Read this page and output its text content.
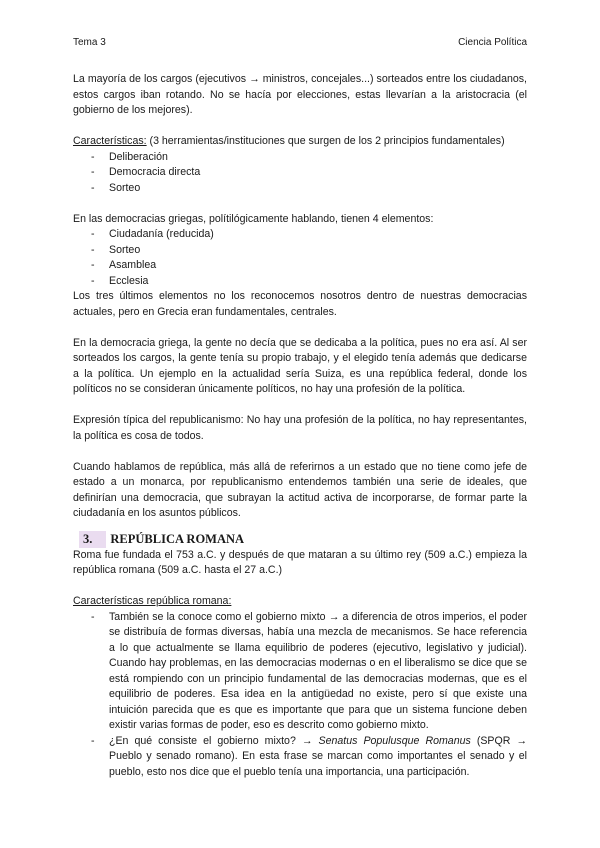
Tema 3	Ciencia Política

La mayoría de los cargos (ejecutivos → ministros, concejales...) sorteados entre los ciudadanos, estos cargos iban rotando. No se hacía por elecciones, estas llevarían a la aristocracia (el gobierno de los mejores).

Características: (3 herramientas/instituciones que surgen de los 2 principios fundamentales)

- Deliberación
- Democracia directa
- Sorteo

En las democracias griegas, polítilógicamente hablando, tienen 4 elementos:

- Ciudadanía (reducida)
- Sorteo
- Asamblea
- Ecclesia

Los tres últimos elementos no los reconocemos nosotros dentro de nuestras democracias actuales, pero en Grecia eran fundamentales, centrales.

En la democracia griega, la gente no decía que se dedicaba a la política, pues no era así. Al ser sorteados los cargos, la gente tenía su propio trabajo, y el elegido tenía además que dedicarse a la política. Un ejemplo en la actualidad sería Suiza, es una república federal, donde los políticos no se consideran únicamente políticos, no hay una profesión de la política.

Expresión típica del republicanismo: No hay una profesión de la política, no hay representantes, la política es cosa de todos.

Cuando hablamos de república, más allá de referirnos a un estado que no tiene como jefe de estado a un monarca, por republicanismo entendemos también una serie de ideales, que definirían una democracia, que subrayan la actitud activa de incorporarse, de formar parte la ciudadanía en los asuntos públicos.

3. REPÚBLICA ROMANA

Roma fue fundada el 753 a.C. y después de que mataran a su último rey (509 a.C.) empieza la república romana (509 a.C. hasta el 27 a.C.)

Características república romana:

- También se la conoce como el gobierno mixto → a diferencia de otros imperios, el poder se distribuía de formas diversas, había una mezcla de mecanismos. Se hace referencia a lo que actualmente se llama equilibrio de poderes (ejecutivo, legislativo y judicial). Cuando hay problemas, en las democracias modernas o en el liberalismo se dice que se está rompiendo con un principio fundamental de las democracias modernas, que es el equilibrio de poderes. Esa idea en la antigüedad no existe, pero sí que existe una intuición parecida que es que es importante que para que un sistema funcione deben existir varias formas de poder, eso es descrito como gobierno mixto.
- ¿En qué consiste el gobierno mixto? → Senatus Populusque Romanus (SPQR → Pueblo y senado romano). En esta frase se marcan como importantes el senado y el pueblo, esto nos dice que el pueblo tenía una importancia, una participación.
